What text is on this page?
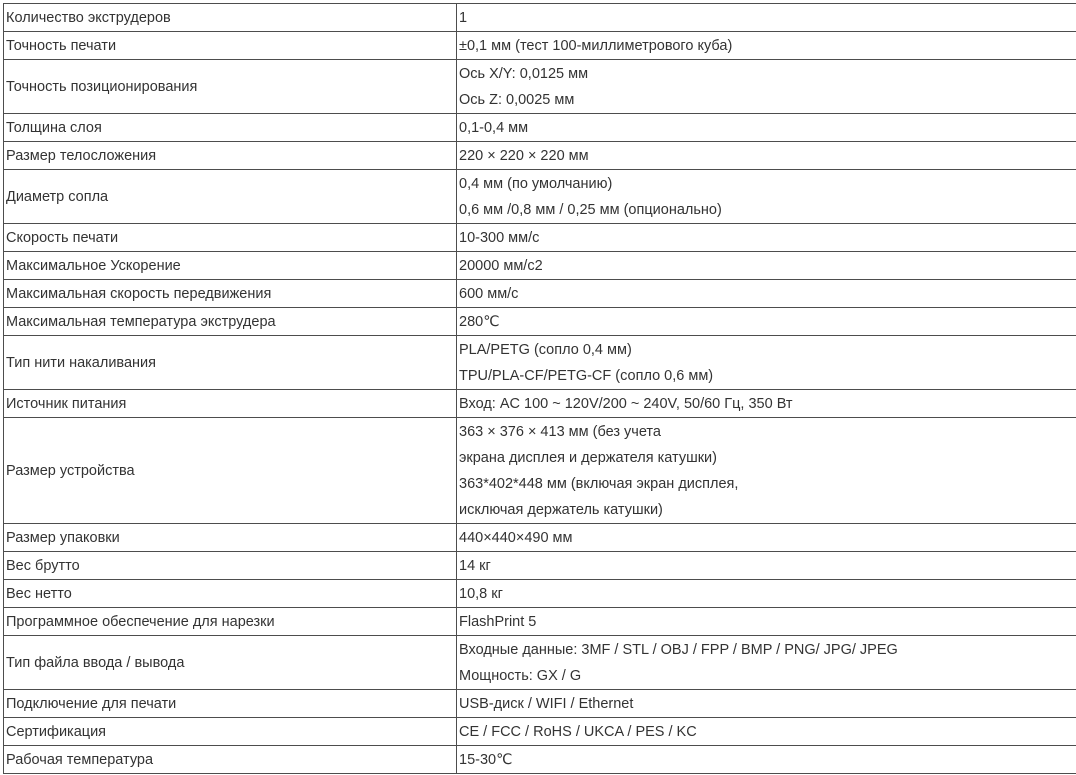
Количество экструдеров	1

Точность печати	±0,1 мм (тест 100-миллиметрового куба)

Точность позиционирования	Ось X/Y: 0,0125 мм
Ось Z: 0,0025 мм

Толщина слоя	0,1-0,4 мм

Размер телосложения	220 × 220 × 220 мм

Диаметр сопла	0,4 мм (по умолчанию)
0,6 мм /0,8 мм / 0,25 мм (опционально)

Скорость печати	10-300 мм/с

Максимальное Ускорение	20000 мм/с2

Максимальная скорость передвижения	600 мм/с

Максимальная температура экструдера	280℃

Тип нити накаливания	PLA/PETG (сопло 0,4 мм)
TPU/PLA-CF/PETG-CF (сопло 0,6 мм)

Источник питания	Вход: AC 100 ~ 120V/200 ~ 240V, 50/60 Гц, 350 Вт

Размер устройства	363 × 376 × 413 мм (без учета
экрана дисплея и держателя катушки)
363*402*448 мм (включая экран дисплея,
исключая держатель катушки)

Размер упаковки	440×440×490 мм

Вес брутто	14 кг

Вес нетто	10,8 кг

Программное обеспечение для нарезки	FlashPrint 5

Тип файла ввода / вывода	Входные данные: 3MF / STL / OBJ / FPP / BMP / PNG/ JPG/ JPEG
Мощность: GX / G

Подключение для печати	USB-диск / WIFI / Ethernet

Сертификация	CE / FCC / RoHS / UKCA / PES / KC

Рабочая температура	15-30℃
